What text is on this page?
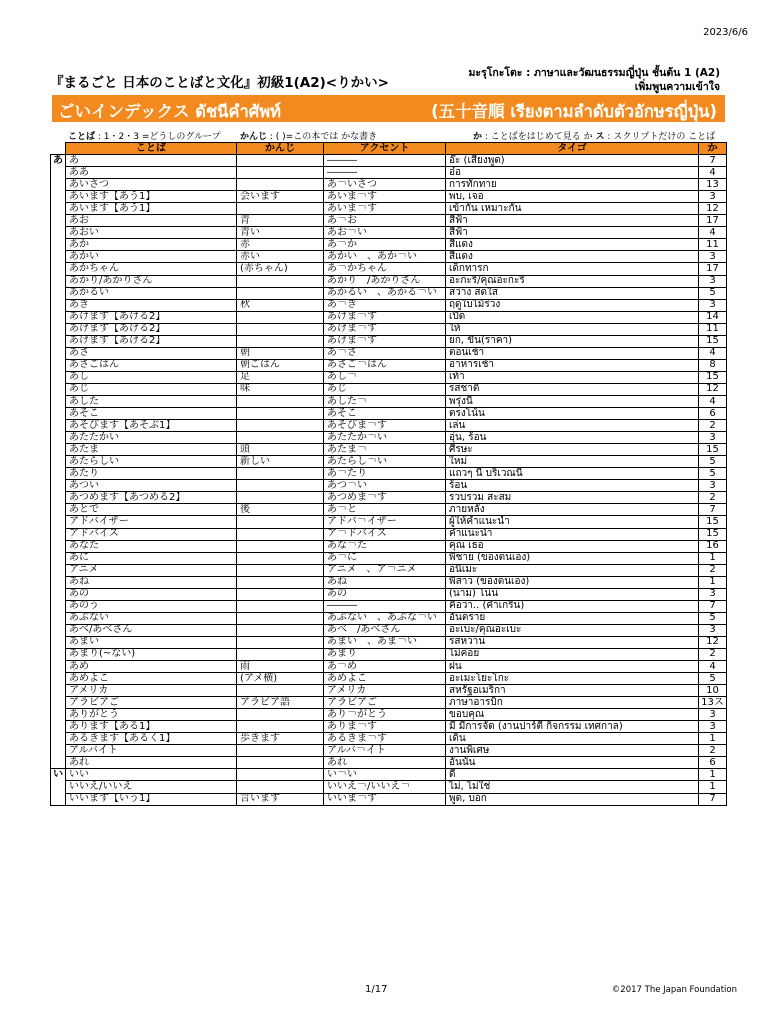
2023/6/6
『まるごと 日本のことばと文化』初級1(A2)<りかい>
มะรุโกะโตะ : ภาษาและวัฒนธรรมญี่ปุ่น ชั้นต้น 1 (A2)
เพิ่มพูนความเข้าใจ
ごいインデックス ดัชนีคำศัพท์	(五十音順 เรียงตามลำดับตัวอักษรญี่ปุ่น)
ことば : 1・2・3 =どうしのグループ かんじ : ( )=この本では かな書き	か : ことばをはじめて見る か ス : スクリプトだけの ことば
	ことば	かんじ	アクセント	タイゴ	か
あ	あ		―――	อ๊ะ (เสียงพูด)	7
	ああ		―――	อ๋อ	4
	あいさつ		あ￢いさつ	การทักทาย	13
	あいます【あう1】	会います	あいま￢す	พบ, เจอ	3
	あいます【あう1】		あいま￢す	เข้ากัน เหมาะกัน	12
	あお	青	あ￢お	สีฟ้า	17
	あおい	青い	あお￢い	สีฟ้า	4
	あか	赤	あ￢か	สีแดง	11
	あかい	赤い	あかい￣、あか￢い	สีแดง	3
	あかちゃん	(赤ちゃん)	あ￢かちゃん	เด็กทารก	17
	あかり/あかりさん		あかり￣/あかりさん	อะกะริ/คุณอะกะริ	3
	あかるい		あかるい￣、あかる￢い	สว่าง สดใส	5
	あき	秋	あ￢き	ฤดูใบไม้ร่วง	3
	あけます【あける2】		あけま￢す	เปิด	14
	あげます【あげる2】		あげま￢す	ให้	11
	あげます【あげる2】		あげま￢す	ยก, ขึ้น(ราคา)	15
	あさ	朝	あ￢さ	ตอนเช้า	4
	あさごはん	朝ごはん	あさご￢はん	อาหารเช้า	8
	あし	足	あし￢	เท้า	15
	あじ	味	あじ￣	รสชาติ	12
	あした		あした￢	พรุ่งนี้	4
	あそこ		あそこ￣	ตรงโน้น	6
	あそびます【あそぶ1】		あそびま￢す	เล่น	2
	あたたかい		あたたか￢い	อุ่น, ร้อน	3
	あたま	頭	あたま￢	ศีรษะ	15
	あたらしい	新しい	あたらし￢い	ใหม่	5
	あたり		あ￢たり	แถวๆ นี้ บริเวณนี้	5
	あつい		あつ￢い	ร้อน	3
	あつめます【あつめる2】		あつめま￢す	รวบรวม สะสม	2
	あとで	後	あ￢と	ภายหลัง	7
	アドバイザー		アドバ￢イザー	ผู้ให้คำแนะนำ	15
	アドバイス		ア￢ドバイス	คำแนะนำ	15
	あなた		あな￢た	คุณ เธอ	16
	あに		あ￢に	พี่ชาย (ของตนเอง)	1
	アニメ		アニメ￣、ア￢ニメ	อนิเมะ	2
	あね		あね￣	พี่สาว (ของตนเอง)	1
	あの		あの￣	(นาม) โน่น	3
	あのう		―――	คือว่า.. (คำเกริ่น)	7
	あぶない		あぶない￣、あぶな￢い	อันตราย	5
	あべ/あべさん		あべ￣/あべさん	อะเบะ/คุณอะเบะ	3
	あまい		あまい￣、あま￢い	รสหวาน	12
	あまり(~ない)		あまり￣	ไม่ค่อย	2
	あめ	雨	あ￢め	ฝน	4
	あめよこ	(アメ横)	あめよこ￣	อะเมะโยะโกะ	5
	アメリカ		アメリカ￣	สหรัฐอเมริกา	10
	アラビアご	アラビア語	アラビアご￣	ภาษาอารบิก	13ス
	ありがとう		あり￢がとう	ขอบคุณ	3
	あります【ある1】		ありま￢す	มี มีการจัด (งานปาร์ตี้ กิจกรรม เทศกาล)	3
	あるきます【あるく1】	歩きます	あるきま￢す	เดิน	1
	アルバイト		アルバ￢イト	งานพิเศษ	2
	あれ		あれ￣	อันนั้น	6
い	いい		い￢い	ดี	1
	いいえ/いいえ		いいえ￢/いいえ￢	ไม่, ไม่ใช่	1
	いいます【いう1】	言います	いいま￢す	พูด, บอก	7
1/17	©2017 The Japan Foundation
